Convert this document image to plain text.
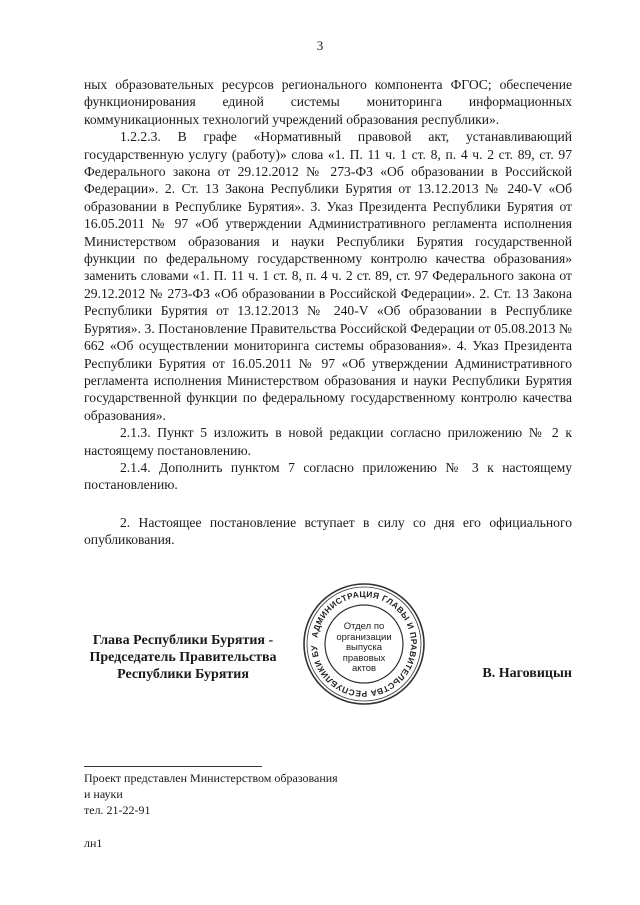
3

ных образовательных ресурсов регионального компонента ФГОС; обеспечение функционирования единой системы мониторинга информационных коммуникационных технологий учреждений образования республики».

1.2.2.3. В графе «Нормативный правовой акт, устанавливающий государственную услугу (работу)» слова «1. П. 11 ч. 1 ст. 8, п. 4 ч. 2 ст. 89, ст. 97 Федерального закона от 29.12.2012 № 273-ФЗ «Об образовании в Российской Федерации». 2. Ст. 13 Закона Республики Бурятия от 13.12.2013 № 240-V «Об образовании в Республике Бурятия». 3. Указ Президента Республики Бурятия от 16.05.2011 № 97 «Об утверждении Административного регламента исполнения Министерством образования и науки Республики Бурятия государственной функции по федеральному государственному контролю качества образования» заменить словами «1. П. 11 ч. 1 ст. 8, п. 4 ч. 2 ст. 89, ст. 97 Федерального закона от 29.12.2012 № 273-ФЗ «Об образовании в Российской Федерации». 2. Ст. 13 Закона Республики Бурятия от 13.12.2013 № 240-V «Об образовании в Республике Бурятия». 3. Постановление Правительства Российской Федерации от 05.08.2013 № 662 «Об осуществлении мониторинга системы образования». 4. Указ Президента Республики Бурятия от 16.05.2011 № 97 «Об утверждении Административного регламента исполнения Министерством образования и науки Республики Бурятия государственной функции по федеральному государственному контролю качества образования».

2.1.3. Пункт 5 изложить в новой редакции согласно приложению № 2 к настоящему постановлению.

2.1.4. Дополнить пунктом 7 согласно приложению № 3 к настоящему постановлению.

2. Настоящее постановление вступает в силу со дня его официального опубликования.

Глава Республики Бурятия -
Председатель Правительства
Республики Бурятия
АДМИНИСТРАЦИЯ ГЛАВЫ И ПРАВИТЕЛЬСТВА РЕСПУБЛИКИ БУ
Отдел по
организации
выпуска
правовых
актов	В. Наговицын
Проект представлен Министерством образования
и науки
тел. 21-22-91
лн1
